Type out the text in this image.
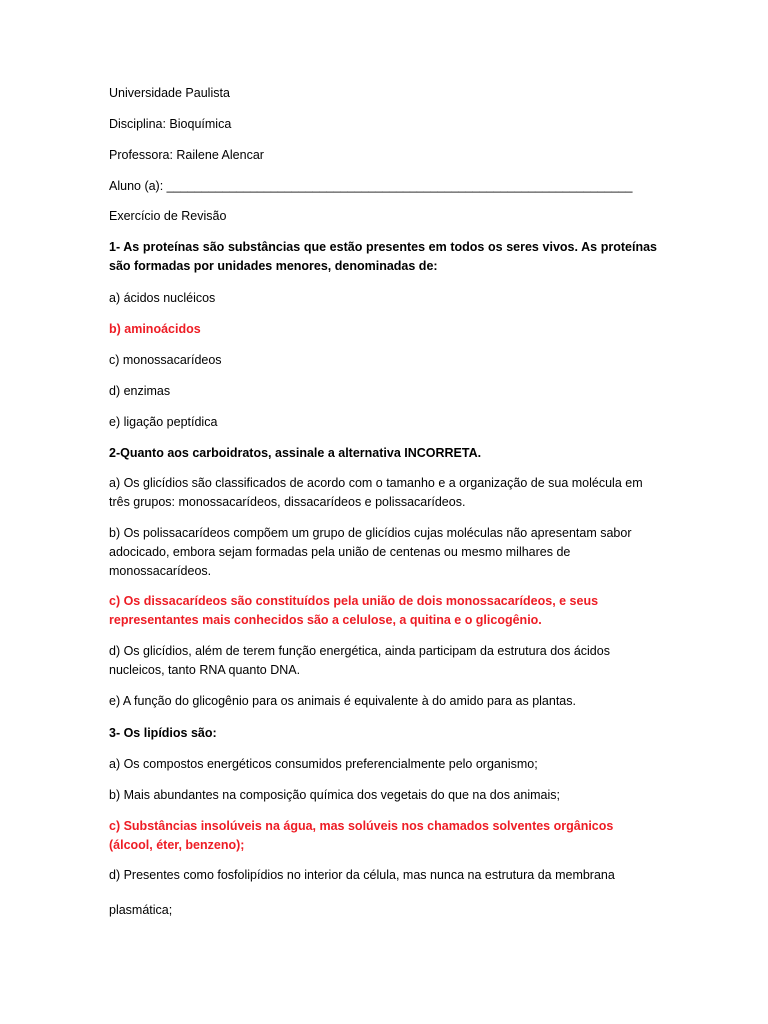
Universidade Paulista
Disciplina: Bioquímica
Professora: Railene Alencar
Aluno (a): ___________________________________________________________________
Exercício de Revisão
1- As proteínas são substâncias que estão presentes em todos os seres vivos. As proteínas são formadas por unidades menores, denominadas de:
a) ácidos nucléicos
b) aminoácidos
c) monossacarídeos
d) enzimas
e) ligação peptídica
2-Quanto aos carboidratos, assinale a alternativa INCORRETA.
a) Os glicídios são classificados de acordo com o tamanho e a organização de sua molécula em três grupos: monossacarídeos, dissacarídeos e polissacarídeos.
b) Os polissacarídeos compõem um grupo de glicídios cujas moléculas não apresentam sabor adocicado, embora sejam formadas pela união de centenas ou mesmo milhares de monossacarídeos.
c) Os dissacarídeos são constituídos pela união de dois monossacarídeos, e seus representantes mais conhecidos são a celulose, a quitina e o glicogênio.
d) Os glicídios, além de terem função energética, ainda participam da estrutura dos ácidos nucleicos, tanto RNA quanto DNA.
e) A função do glicogênio para os animais é equivalente à do amido para as plantas.
3- Os lipídios são:
a) Os compostos energéticos consumidos preferencialmente pelo organismo;
b) Mais abundantes na composição química dos vegetais do que na dos animais;
c) Substâncias insolúveis na água, mas solúveis nos chamados solventes orgânicos (álcool, éter, benzeno);
d) Presentes como fosfolipídios no interior da célula, mas nunca na estrutura da membrana
plasmática;
